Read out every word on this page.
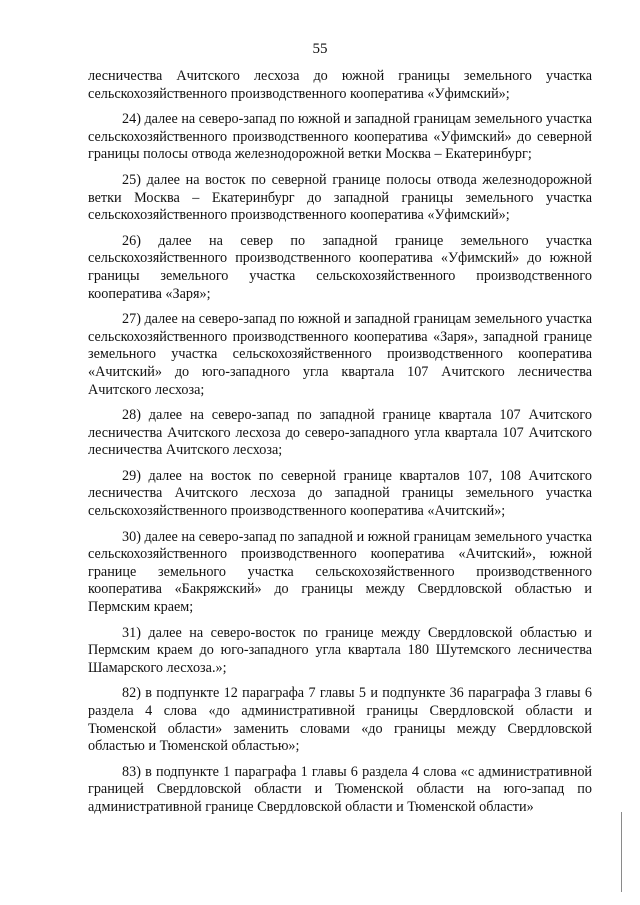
55

лесничества Ачитского лесхоза до южной границы земельного участка сельскохозяйственного производственного кооператива «Уфимский»;

24) далее на северо-запад по южной и западной границам земельного участка сельскохозяйственного производственного кооператива «Уфимский» до северной границы полосы отвода железнодорожной ветки Москва – Екатеринбург;

25) далее на восток по северной границе полосы отвода железнодорожной ветки Москва – Екатеринбург до западной границы земельного участка сельскохозяйственного производственного кооператива «Уфимский»;

26) далее на север по западной границе земельного участка сельскохозяйственного производственного кооператива «Уфимский» до южной границы земельного участка сельскохозяйственного производственного кооператива «Заря»;

27) далее на северо-запад по южной и западной границам земельного участка сельскохозяйственного производственного кооператива «Заря», западной границе земельного участка сельскохозяйственного производственного кооператива «Ачитский» до юго-западного угла квартала 107 Ачитского лесничества Ачитского лесхоза;

28) далее на северо-запад по западной границе квартала 107 Ачитского лесничества Ачитского лесхоза до северо-западного угла квартала 107 Ачитского лесничества Ачитского лесхоза;

29) далее на восток по северной границе кварталов 107, 108 Ачитского лесничества Ачитского лесхоза до западной границы земельного участка сельскохозяйственного производственного кооператива «Ачитский»;

30) далее на северо-запад по западной и южной границам земельного участка сельскохозяйственного производственного кооператива «Ачитский», южной границе земельного участка сельскохозяйственного производственного кооператива «Бакряжский» до границы между Свердловской областью и Пермским краем;

31) далее на северо-восток по границе между Свердловской областью и Пермским краем до юго-западного угла квартала 180 Шутемского лесничества Шамарского лесхоза.»;

82) в подпункте 12 параграфа 7 главы 5 и подпункте 36 параграфа 3 главы 6 раздела 4 слова «до административной границы Свердловской области и Тюменской области» заменить словами «до границы между Свердловской областью и Тюменской областью»;

83) в подпункте 1 параграфа 1 главы 6 раздела 4 слова «с административной границей Свердловской области и Тюменской области на юго-запад по административной границе Свердловской области и Тюменской области»
